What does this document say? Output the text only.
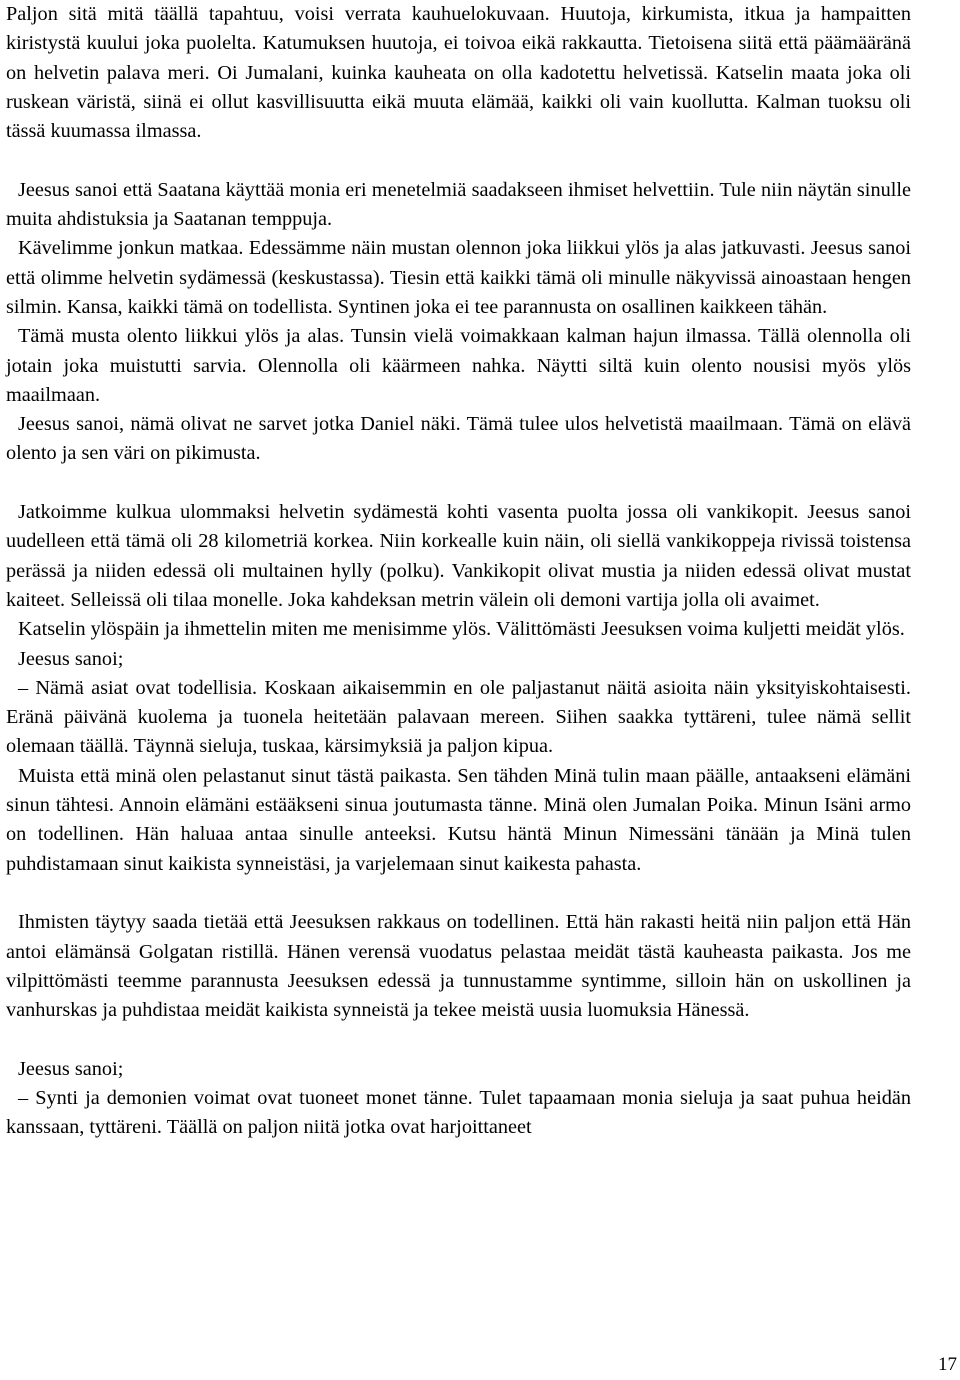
Paljon sitä mitä täällä tapahtuu, voisi verrata kauhuelokuvaan. Huutoja, kirkumista, itkua ja hampaitten kiristystä kuului joka puolelta. Katumuksen huutoja, ei toivoa eikä rakkautta. Tietoisena siitä että päämääränä on helvetin palava meri. Oi Jumalani, kuinka kauheata on olla kadotettu helvetissä. Katselin maata joka oli ruskean väristä, siinä ei ollut kasvillisuutta eikä muuta elämää, kaikki oli vain kuollutta. Kalman tuoksu oli tässä kuumassa ilmassa.

Jeesus sanoi että Saatana käyttää monia eri menetelmiä saadakseen ihmiset helvettiin. Tule niin näytän sinulle muita ahdistuksia ja Saatanan temppuja.

Kävelimme jonkun matkaa. Edessämme näin mustan olennon joka liikkui ylös ja alas jatkuvasti. Jeesus sanoi että olimme helvetin sydämessä (keskustassa). Tiesin että kaikki tämä oli minulle näkyvissä ainoastaan hengen silmin. Kansa, kaikki tämä on todellista. Syntinen joka ei tee parannusta on osallinen kaikkeen tähän.

Tämä musta olento liikkui ylös ja alas. Tunsin vielä voimakkaan kalman hajun ilmassa. Tällä olennolla oli jotain joka muistutti sarvia. Olennolla oli käärmeen nahka. Näytti siltä kuin olento nousisi myös ylös maailmaan.

Jeesus sanoi, nämä olivat ne sarvet jotka Daniel näki. Tämä tulee ulos helvetistä maailmaan. Tämä on elävä olento ja sen väri on pikimusta.

Jatkoimme kulkua ulommaksi helvetin sydämestä kohti vasenta puolta jossa oli vankikopit. Jeesus sanoi uudelleen että tämä oli 28 kilometriä korkea. Niin korkealle kuin näin, oli siellä vankikoppeja rivissä toistensa perässä ja niiden edessä oli multainen hylly (polku). Vankikopit olivat mustia ja niiden edessä olivat mustat kaiteet. Selleissä oli tilaa monelle. Joka kahdeksan metrin välein oli demoni vartija jolla oli avaimet.

Katselin ylöspäin ja ihmettelin miten me menisimme ylös. Välittömästi Jeesuksen voima kuljetti meidät ylös.

Jeesus sanoi;

– Nämä asiat ovat todellisia. Koskaan aikaisemmin en ole paljastanut näitä asioita näin yksityiskohtaisesti. Eränä päivänä kuolema ja tuonela heitetään palavaan mereen. Siihen saakka tyttäreni, tulee nämä sellit olemaan täällä. Täynnä sieluja, tuskaa, kärsimyksiä ja paljon kipua.

Muista että minä olen pelastanut sinut tästä paikasta. Sen tähden Minä tulin maan päälle, antaakseni elämäni sinun tähtesi. Annoin elämäni estääkseni sinua joutumasta tänne. Minä olen Jumalan Poika. Minun Isäni armo on todellinen. Hän haluaa antaa sinulle anteeksi. Kutsu häntä Minun Nimessäni tänään ja Minä tulen puhdistamaan sinut kaikista synneistäsi, ja varjelemaan sinut kaikesta pahasta.

Ihmisten täytyy saada tietää että Jeesuksen rakkaus on todellinen. Että hän rakasti heitä niin paljon että Hän antoi elämänsä Golgatan ristillä. Hänen verensä vuodatus pelastaa meidät tästä kauheasta paikasta. Jos me vilpittömästi teemme parannusta Jeesuksen edessä ja tunnustamme syntimme, silloin hän on uskollinen ja vanhurskas ja puhdistaa meidät kaikista synneistä ja tekee meistä uusia luomuksia Hänessä.

Jeesus sanoi;

– Synti ja demonien voimat ovat tuoneet monet tänne. Tulet tapaamaan monia sieluja ja saat puhua heidän kanssaan, tyttäreni. Täällä on paljon niitä jotka ovat harjoittaneet

17
